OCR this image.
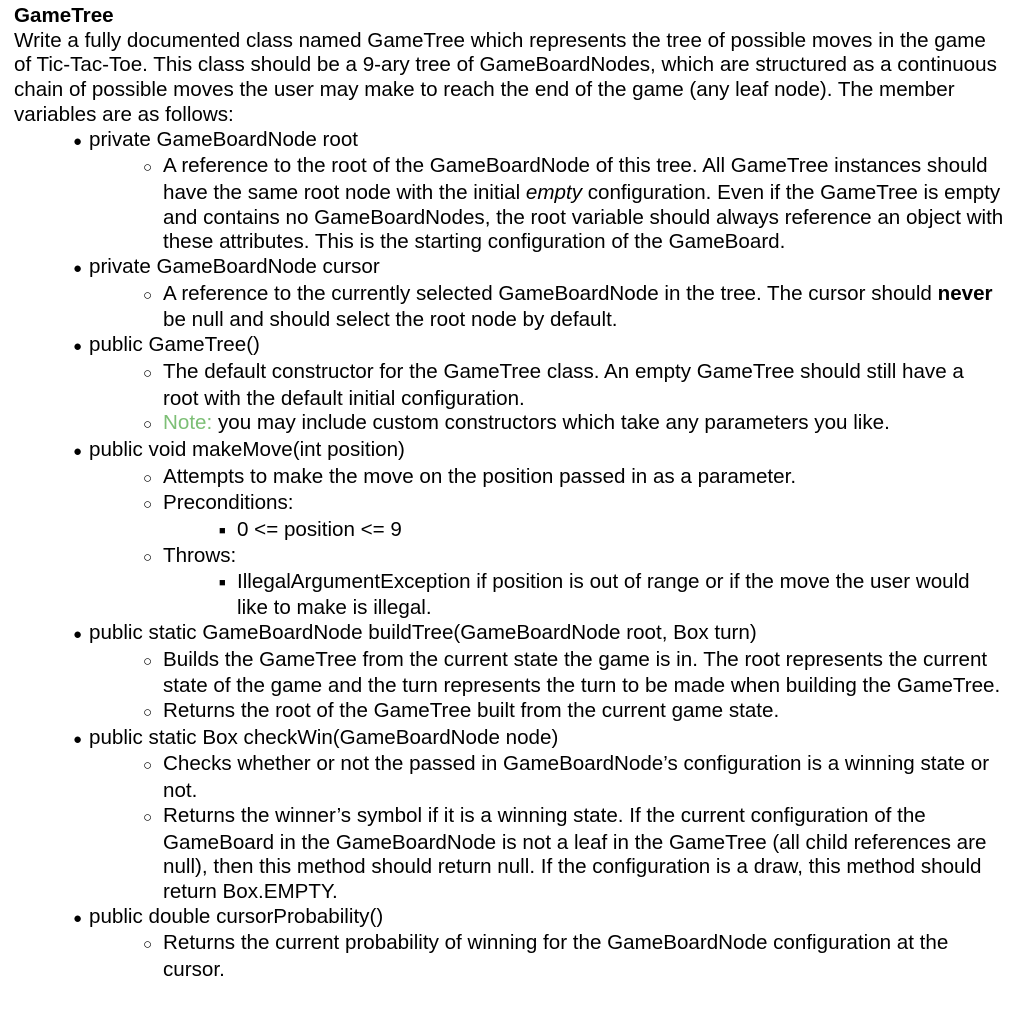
GameTree
Write a fully documented class named GameTree which represents the tree of possible moves in the game of Tic-Tac-Toe. This class should be a 9-ary tree of GameBoardNodes, which are structured as a continuous chain of possible moves the user may make to reach the end of the game (any leaf node). The member variables are as follows:
● private GameBoardNode root
○ A reference to the root of the GameBoardNode of this tree. All GameTree instances should have the same root node with the initial empty configuration. Even if the GameTree is empty and contains no GameBoardNodes, the root variable should always reference an object with these attributes. This is the starting configuration of the GameBoard.
● private GameBoardNode cursor
○ A reference to the currently selected GameBoardNode in the tree. The cursor should never be null and should select the root node by default.
● public GameTree()
○ The default constructor for the GameTree class. An empty GameTree should still have a root with the default initial configuration.
○ Note: you may include custom constructors which take any parameters you like.
● public void makeMove(int position)
○ Attempts to make the move on the position passed in as a parameter.
○ Preconditions:
■ 0 <= position <= 9
○ Throws:
■ IllegalArgumentException if position is out of range or if the move the user would like to make is illegal.
● public static GameBoardNode buildTree(GameBoardNode root, Box turn)
○ Builds the GameTree from the current state the game is in. The root represents the current state of the game and the turn represents the turn to be made when building the GameTree.
○ Returns the root of the GameTree built from the current game state.
● public static Box checkWin(GameBoardNode node)
○ Checks whether or not the passed in GameBoardNode’s configuration is a winning state or not.
○ Returns the winner’s symbol if it is a winning state. If the current configuration of the GameBoard in the GameBoardNode is not a leaf in the GameTree (all child references are null), then this method should return null. If the configuration is a draw, this method should return Box.EMPTY.
● public double cursorProbability()
○ Returns the current probability of winning for the GameBoardNode configuration at the cursor.
